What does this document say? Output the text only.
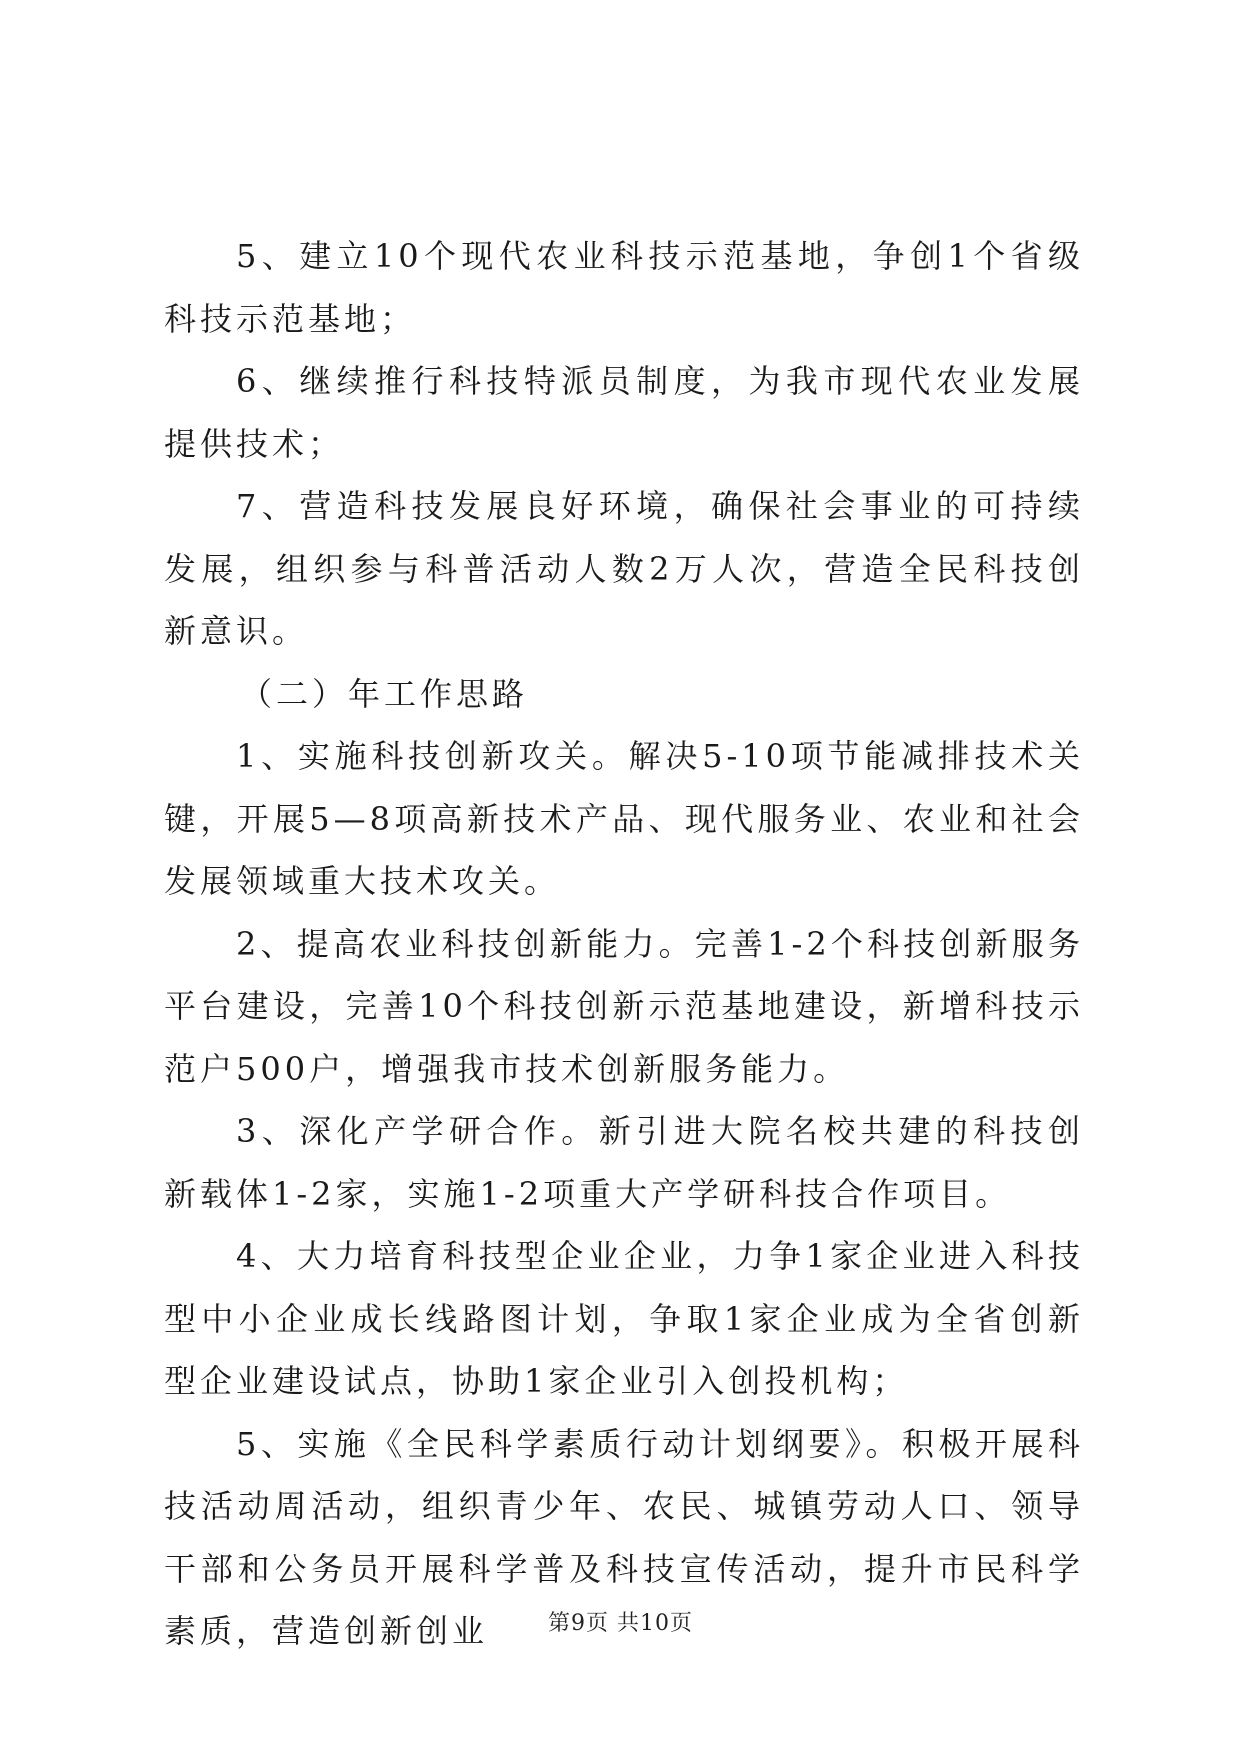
5、建立10个现代农业科技示范基地，争创1个省级科技示范基地；

6、继续推行科技特派员制度，为我市现代农业发展提供技术；

7、营造科技发展良好环境，确保社会事业的可持续发展，组织参与科普活动人数2万人次，营造全民科技创新意识。

（二）年工作思路

1、实施科技创新攻关。解决5-10项节能减排技术关键，开展5—8项高新技术产品、现代服务业、农业和社会发展领域重大技术攻关。

2、提高农业科技创新能力。完善1-2个科技创新服务平台建设，完善10个科技创新示范基地建设，新增科技示范户500户，增强我市技术创新服务能力。

3、深化产学研合作。新引进大院名校共建的科技创新载体1-2家，实施1-2项重大产学研科技合作项目。

4、大力培育科技型企业企业，力争1家企业进入科技型中小企业成长线路图计划，争取1家企业成为全省创新型企业建设试点，协助1家企业引入创投机构；

5、实施《全民科学素质行动计划纲要》。积极开展科技活动周活动，组织青少年、农民、城镇劳动人口、领导干部和公务员开展科学普及科技宣传活动，提升市民科学素质，营造创新创业	第9页 共10页
